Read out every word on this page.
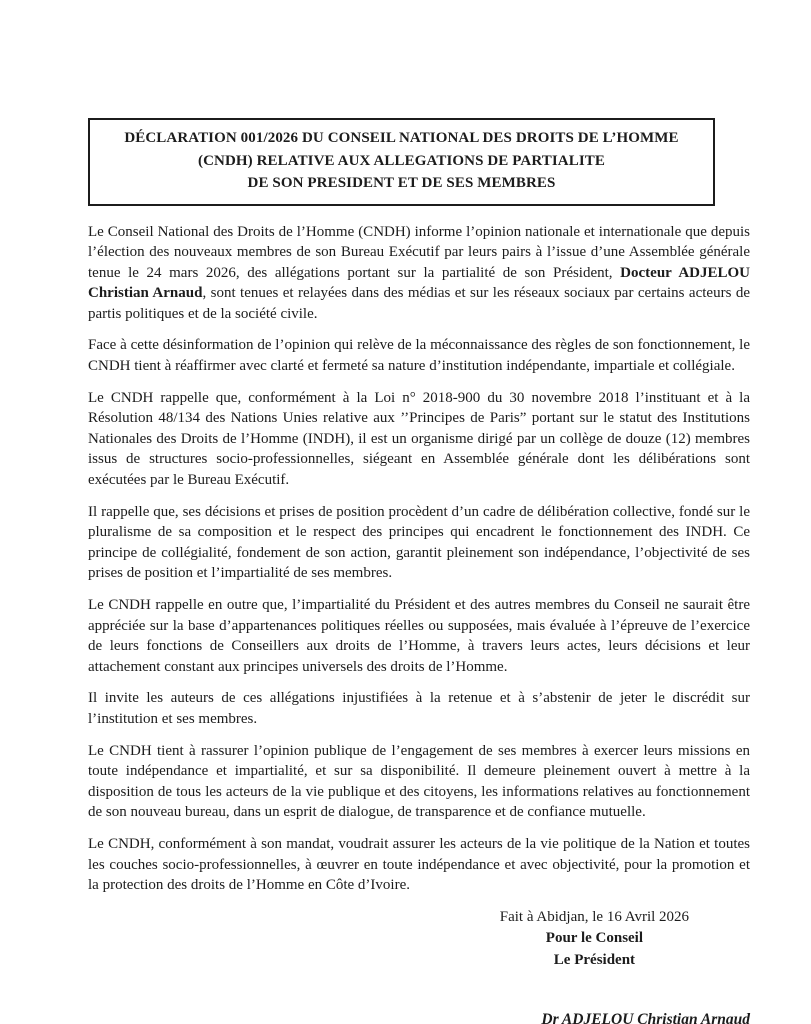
DÉCLARATION 001/2026 DU CONSEIL NATIONAL DES DROITS DE L’HOMME
(CNDH) RELATIVE AUX ALLEGATIONS DE PARTIALITE
DE SON PRESIDENT ET DE SES MEMBRES

Le Conseil National des Droits de l’Homme (CNDH) informe l’opinion nationale et internationale que depuis l’élection des nouveaux membres de son Bureau Exécutif par leurs pairs à l’issue d’une Assemblée générale tenue le 24 mars 2026, des allégations portant sur la partialité de son Président, Docteur ADJELOU Christian Arnaud, sont tenues et relayées dans des médias et sur les réseaux sociaux par certains acteurs de partis politiques et de la société civile.

Face à cette désinformation de l’opinion qui relève de la méconnaissance des règles de son fonctionnement, le CNDH tient à réaffirmer avec clarté et fermeté sa nature d’institution indépendante, impartiale et collégiale.

Le CNDH rappelle que, conformément à la Loi n° 2018-900 du 30 novembre 2018 l’instituant et à la Résolution 48/134 des Nations Unies relative aux ’’Principes de Paris” portant sur le statut des Institutions Nationales des Droits de l’Homme (INDH), il est un organisme dirigé par un collège de douze (12) membres issus de structures socio-professionnelles, siégeant en Assemblée générale dont les délibérations sont exécutées par le Bureau Exécutif.

Il rappelle que, ses décisions et prises de position procèdent d’un cadre de délibération collective, fondé sur le pluralisme de sa composition et le respect des principes qui encadrent le fonctionnement des INDH. Ce principe de collégialité, fondement de son action, garantit pleinement son indépendance, l’objectivité de ses prises de position et l’impartialité de ses membres.

Le CNDH rappelle en outre que, l’impartialité du Président et des autres membres du Conseil ne saurait être appréciée sur la base d’appartenances politiques réelles ou supposées, mais évaluée à l’épreuve de l’exercice de leurs fonctions de Conseillers aux droits de l’Homme, à travers leurs actes, leurs décisions et leur attachement constant aux principes universels des droits de l’Homme.

Il invite les auteurs de ces allégations injustifiées à la retenue et à s’abstenir de jeter le discrédit sur l’institution et ses membres.

Le CNDH tient à rassurer l’opinion publique de l’engagement de ses membres à exercer leurs missions en toute indépendance et impartialité, et sur sa disponibilité. Il demeure pleinement ouvert à mettre à la disposition de tous les acteurs de la vie publique et des citoyens, les informations relatives au fonctionnement de son nouveau bureau, dans un esprit de dialogue, de transparence et de confiance mutuelle.

Le CNDH, conformément à son mandat, voudrait assurer les acteurs de la vie politique de la Nation et toutes les couches socio-professionnelles, à œuvrer en toute indépendance et avec objectivité, pour la promotion et la protection des droits de l’Homme en Côte d’Ivoire.

Fait à Abidjan, le 16 Avril 2026
Pour le Conseil
Le Président
Dr ADJELOU Christian Arnaud
